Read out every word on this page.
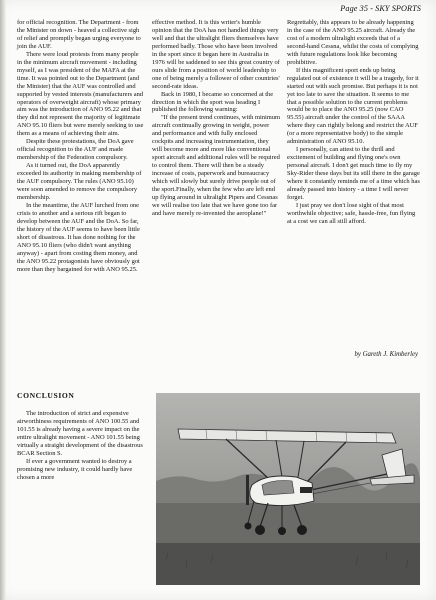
Page 35 - SKY SPORTS

for official recognition. The Department - from the Minister on down - heaved a collective sigh of relief and promptly began urging everyone to join the AUF.

There were loud protests from many people in the minimum aircraft movement - including myself, as I was president of the MAFA at the time. It was pointed out to the Department (and the Minister) that the AUF was controlled and supported by vested interests (manufacturers and operators of overweight aircraft) whose primary aim was the introduction of ANO 95.22 and that they did not represent the majority of legitimate ANO 95.10 fliers but were merely seeking to use them as a means of achieving their aim.

Despite these protestations, the DoA gave official recognition to the AUF and made membership of the Federation compulsory.

As it turned out, the DoA apparently exceeded its authority in making membership of the AUF compulsory. The rules (ANO 95.10) were soon amended to remove the compulsory membership.

In the meantime, the AUF lurched from one crisis to another and a serious rift began to develop between the AUF and the DoA. So far, the history of the AUF seems to have been little short of disastrous. It has done nothing for the ANO 95.10 fliers (who didn't want anything anyway) - apart from costing them money, and the ANO 95.22 protagonists have obviously got more than they bargained for with ANO 95.25.

CONCLUSION

The introduction of strict and expensive airworthiness requirements of ANO 100.55 and 101.55 is already having a severe impact on the entire ultralight movement - ANO 101.55 being virtually a straight development of the disastrous BCAR Section S.

If ever a government wanted to destroy a promising new industry, it could hardly have chosen a more

effective method. It is this writer's humble opinion that the DoA has not handled things very well and that the ultralight fliers themselves have performed badly. Those who have been involved in the sport since it began here in Australia in 1976 will be saddened to see this great country of ours slide from a position of world leadership to one of being merely a follower of other countries' second-rate ideas.

Back in 1980, I became so concerned at the direction in which the sport was heading I published the following warning:

"If the present trend continues, with minimum aircraft continually growing in weight, power and performance and with fully enclosed cockpits and increasing instrumentation, they will become more and more like conventional sport aircraft and additional rules will be required to control them. There will then be a steady increase of costs, paperwork and bureaucracy which will slowly but surely drive people out of the sport.Finally, when the few who are left end up flying around in ultralight Pipers and Cessnas we will realise too late that we have gone too far and have merely re-invented the aeroplane!"

Regrettably, this appears to be already happening in the case of the ANO 95.25 aircraft. Already the cost of a modern ultralight exceeds that of a second-hand Cessna, whilst the costs of complying with future regulations look like becoming prohibitive.

If this magnificent sport ends up being regulated out of existence it will be a tragedy, for it started out with such promise. But perhaps it is not yet too late to save the situation. It seems to me that a possible solution to the current problems would be to place the ANO 95.25 (now CAO 95.55) aircraft under the control of the SAAA where they can rightly belong and restrict the AUF (or a more representative body) to the simple administration of ANO 95.10.

I personally, can attest to the thrill and excitement of building and flying one's own personal aircraft. I don't get much time to fly my Sky-Rider these days but its still there in the garage where it constantly reminds me of a time which has already passed into history - a time I will never forget.

I just pray we don't lose sight of that most worthwhile objective; safe, hassle-free, fun flying at a cost we can all still afford.

by Gareth J. Kimberley
